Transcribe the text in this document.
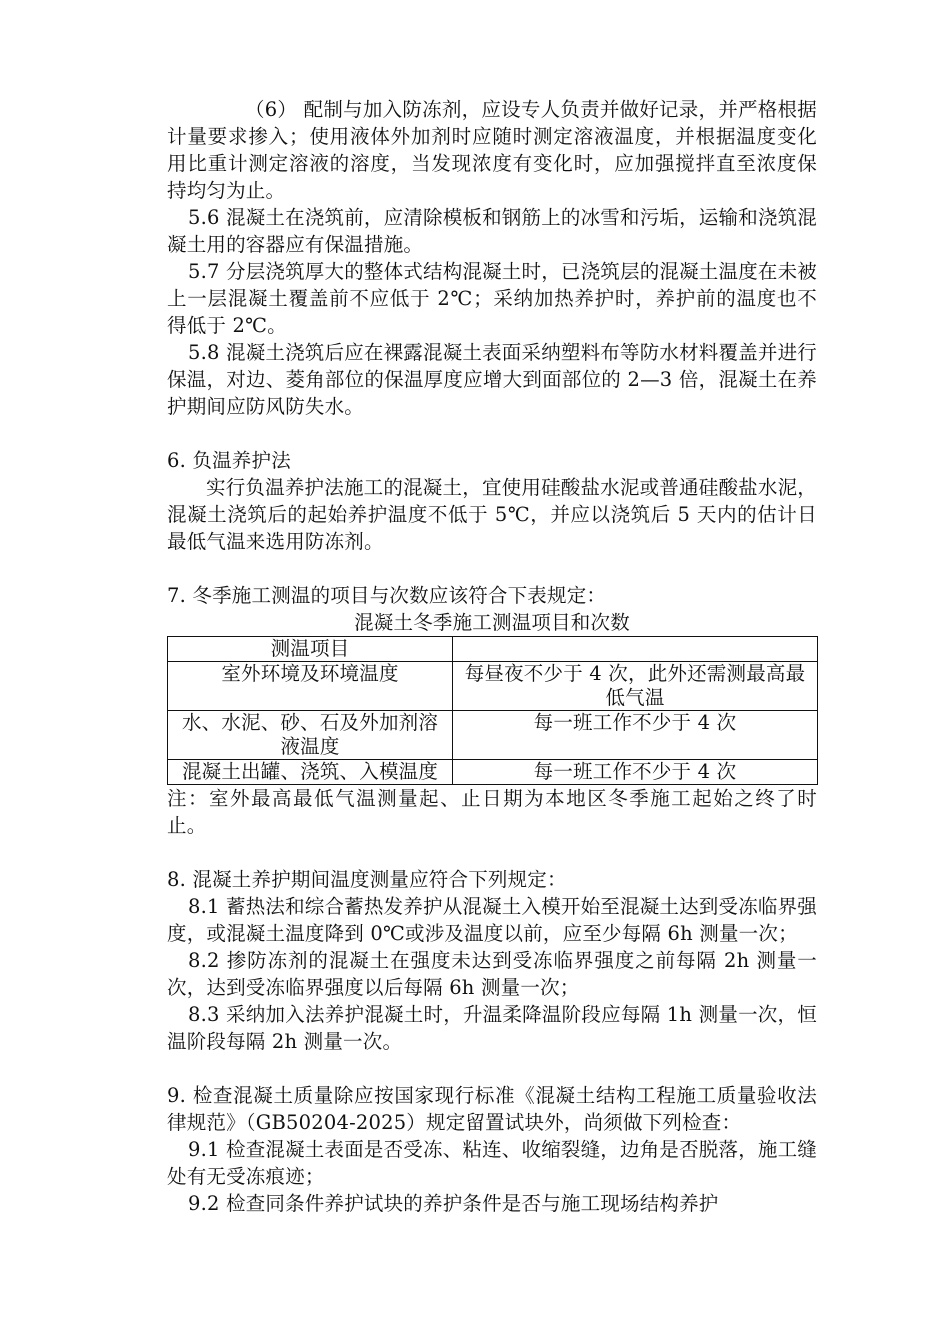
（6） 配制与加入防冻剂，应设专人负责并做好记录，并严格根据计量要求掺入；使用液体外加剂时应随时测定溶液温度，并根据温度变化用比重计测定溶液的溶度，当发现浓度有变化时，应加强搅拌直至浓度保持均匀为止。

5.6 混凝土在浇筑前，应清除模板和钢筋上的冰雪和污垢，运输和浇筑混凝土用的容器应有保温措施。

5.7 分层浇筑厚大的整体式结构混凝土时，已浇筑层的混凝土温度在未被上一层混凝土覆盖前不应低于 2℃；采纳加热养护时，养护前的温度也不得低于 2℃。

5.8 混凝土浇筑后应在裸露混凝土表面采纳塑料布等防水材料覆盖并进行保温，对边、菱角部位的保温厚度应增大到面部位的 2—3 倍，混凝土在养护期间应防风防失水。

6. 负温养护法

实行负温养护法施工的混凝土，宜使用硅酸盐水泥或普通硅酸盐水泥，混凝土浇筑后的起始养护温度不低于 5℃，并应以浇筑后 5 天内的估计日最低气温来选用防冻剂。

7. 冬季施工测温的项目与次数应该符合下表规定：

混凝土冬季施工测温项目和次数

测温项目	
室外环境及环境温度	每昼夜不少于 4 次，此外还需测最高最低气温
水、水泥、砂、石及外加剂溶液温度	每一班工作不少于 4 次
混凝土出罐、浇筑、入模温度	每一班工作不少于 4 次

注：室外最高最低气温测量起、止日期为本地区冬季施工起始之终了时止。

8. 混凝土养护期间温度测量应符合下列规定：

8.1 蓄热法和综合蓄热发养护从混凝土入模开始至混凝土达到受冻临界强度，或混凝土温度降到 0℃或涉及温度以前，应至少每隔 6h 测量一次；

8.2 掺防冻剂的混凝土在强度未达到受冻临界强度之前每隔 2h 测量一次，达到受冻临界强度以后每隔 6h 测量一次；

8.3 采纳加入法养护混凝土时，升温柔降温阶段应每隔 1h 测量一次，恒温阶段每隔 2h 测量一次。

9. 检查混凝土质量除应按国家现行标准《混凝土结构工程施工质量验收法律规范》（GB50204-2025）规定留置试块外，尚须做下列检查：

9.1 检查混凝土表面是否受冻、粘连、收缩裂缝，边角是否脱落，施工缝处有无受冻痕迹；

9.2 检查同条件养护试块的养护条件是否与施工现场结构养护
